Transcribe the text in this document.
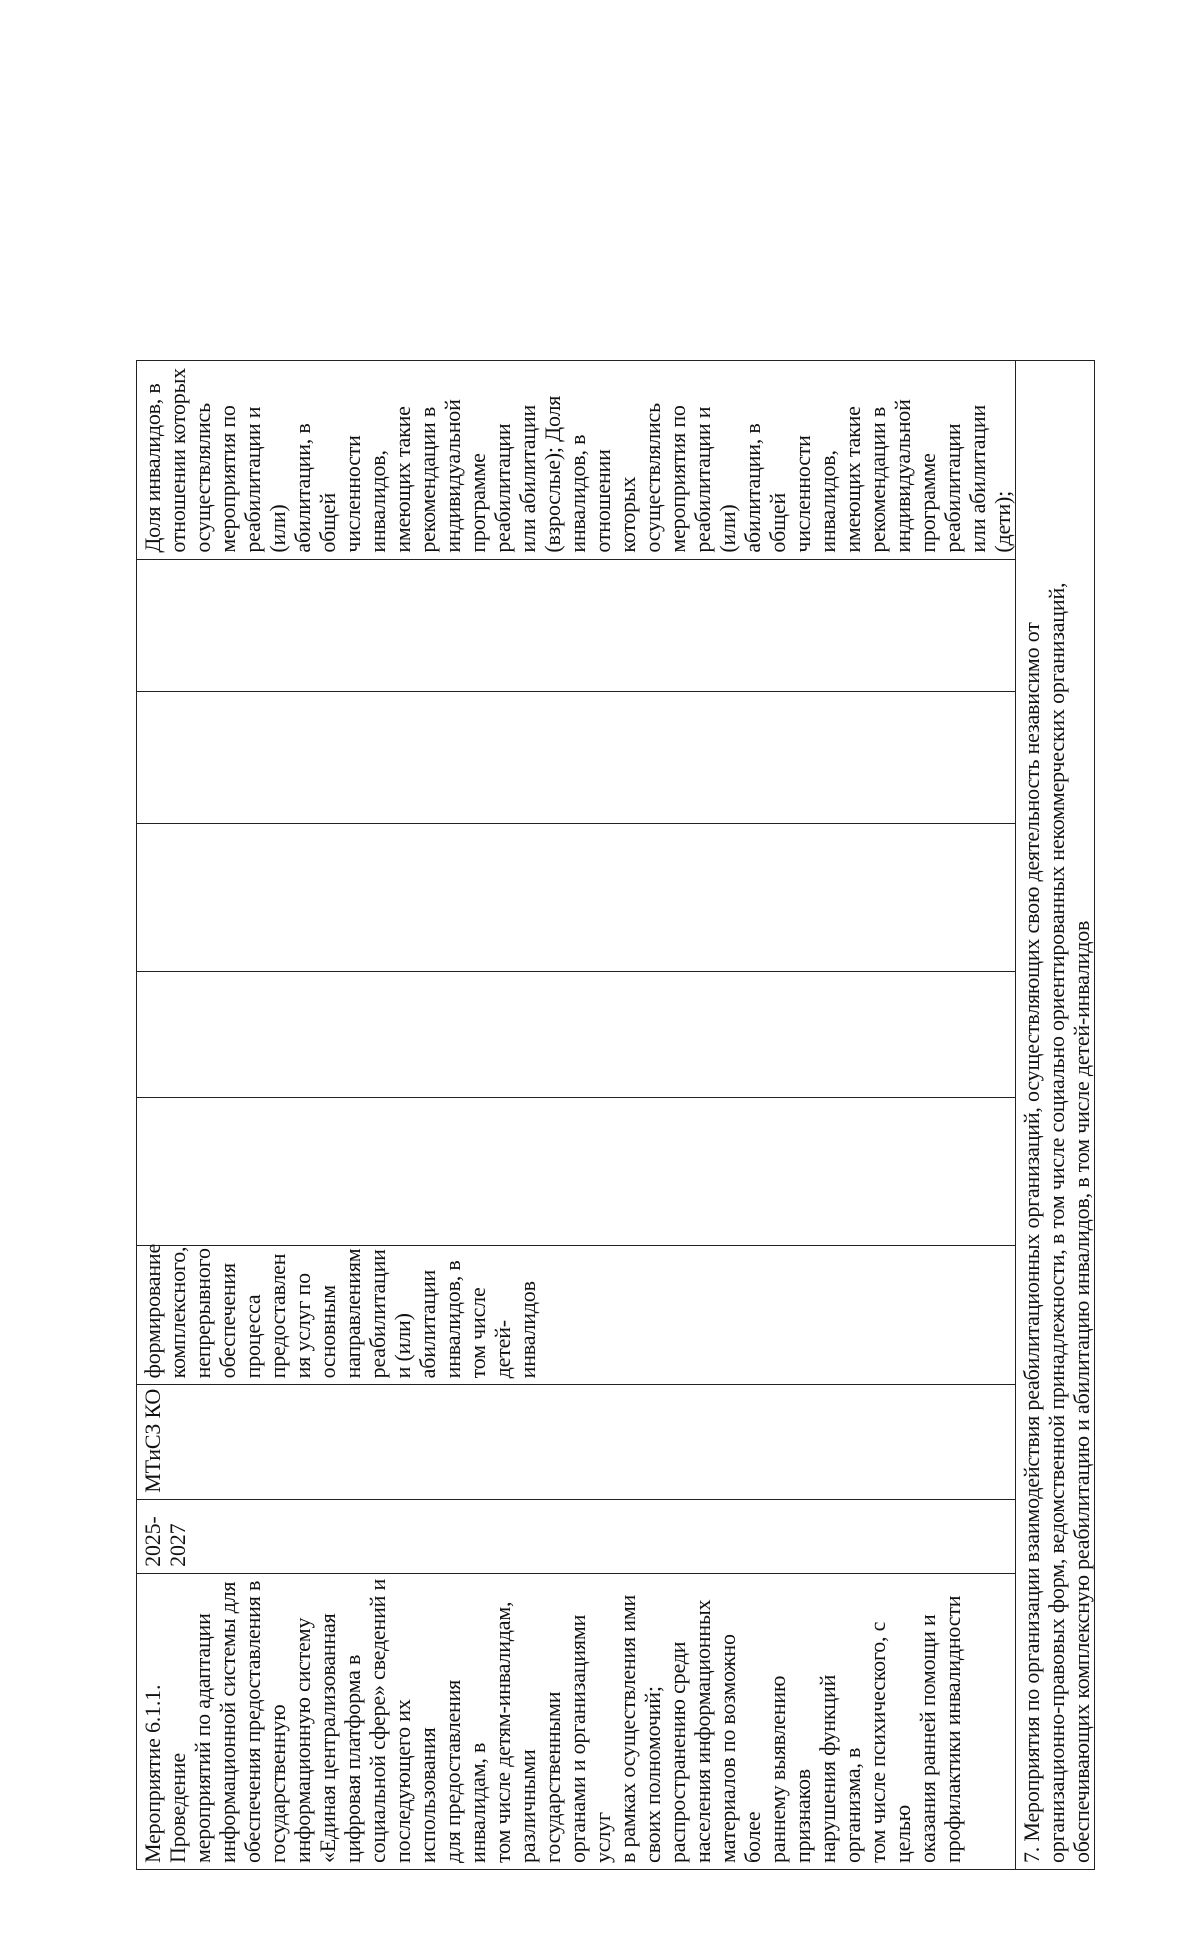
Мероприятие 6.1.1. Проведение
мероприятий по адаптации
информационной системы для
обеспечения предоставления в
государственную
информационную систему
«Единая централизованная
цифровая платформа в
социальной сфере» сведений и
последующего их использования
для предоставления инвалидам, в
том числе детям-инвалидам,
различными государственными
органами и организациями услуг
в рамках осуществления ими
своих полномочий;
распространению среди
населения информационных
материалов по возможно более
раннему выявлению признаков
нарушения функций организма, в
том числе психического, с целью
оказания ранней помощи и
профилактики инвалидности	2025-
2027	МТиСЗ КО	формирование
комплексного,
непрерывного
обеспечения
процесса
предоставлен
ия услуг по
основным
направлениям
реабилитации
и (или)
абилитации
инвалидов, в
том числе
детей-
инвалидов						Доля инвалидов, в
отношении которых
осуществлялись
мероприятия по
реабилитации и (или)
абилитации, в общей
численности инвалидов,
имеющих такие
рекомендации в
индивидуальной
программе реабилитации
или абилитации
(взрослые); Доля
инвалидов, в отношении
которых осуществлялись
мероприятия по
реабилитации и (или)
абилитации, в общей
численности инвалидов,
имеющих такие
рекомендации в
индивидуальной
программе реабилитации
или абилитации (дети);
7. Мероприятия по организации взаимодействия реабилитационных организаций, осуществляющих свою деятельность независимо от
организационно-правовых форм, ведомственной принадлежности, в том числе социально ориентированных некоммерческих организаций,
обеспечивающих комплексную реабилитацию и абилитацию инвалидов, в том числе детей-инвалидов
